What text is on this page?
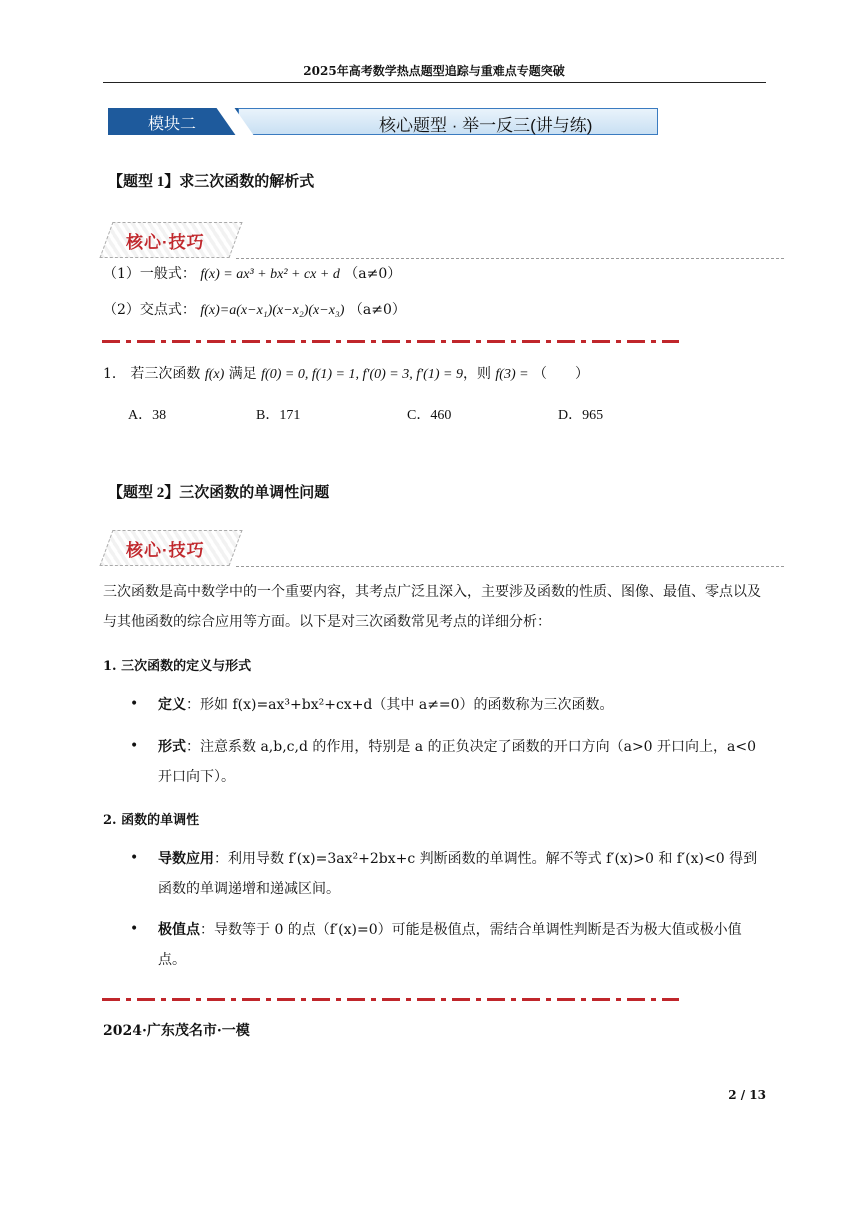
2025年高考数学热点题型追踪与重难点专题突破
模块二	核心题型 · 举一反三(讲与练)
【题型 1】求三次函数的解析式
核心·技巧
（1）一般式： f(x) = ax³ + bx² + cx + d （a≠0）
（2）交点式： f(x)=a(x−x₁)(x−x₂)(x−x₃) （a≠0）
1． 若三次函数 f(x) 满足 f(0) = 0, f(1) = 1, f′(0) = 3, f′(1) = 9，则 f(3) = （　　）
A．38	B．171	C．460	D．965
【题型 2】三次函数的单调性问题
核心·技巧
三次函数是高中数学中的一个重要内容，其考点广泛且深入，主要涉及函数的性质、图像、最值、零点以及与其他函数的综合应用等方面。以下是对三次函数常见考点的详细分析：
1. 三次函数的定义与形式
• 定义：形如 f(x)=ax³+bx²+cx+d（其中 a≠=0）的函数称为三次函数。
• 形式：注意系数 a,b,c,d 的作用，特别是 a 的正负决定了函数的开口方向（a>0 开口向上，a<0 开口向下）。
2. 函数的单调性
• 导数应用：利用导数 f′(x)=3ax²+2bx+c 判断函数的单调性。解不等式 f′(x)>0 和 f′(x)<0 得到函数的单调递增和递减区间。
• 极值点：导数等于 0 的点（f′(x)=0）可能是极值点，需结合单调性判断是否为极大值或极小值点。
2024·广东茂名市·一模
2 / 13
